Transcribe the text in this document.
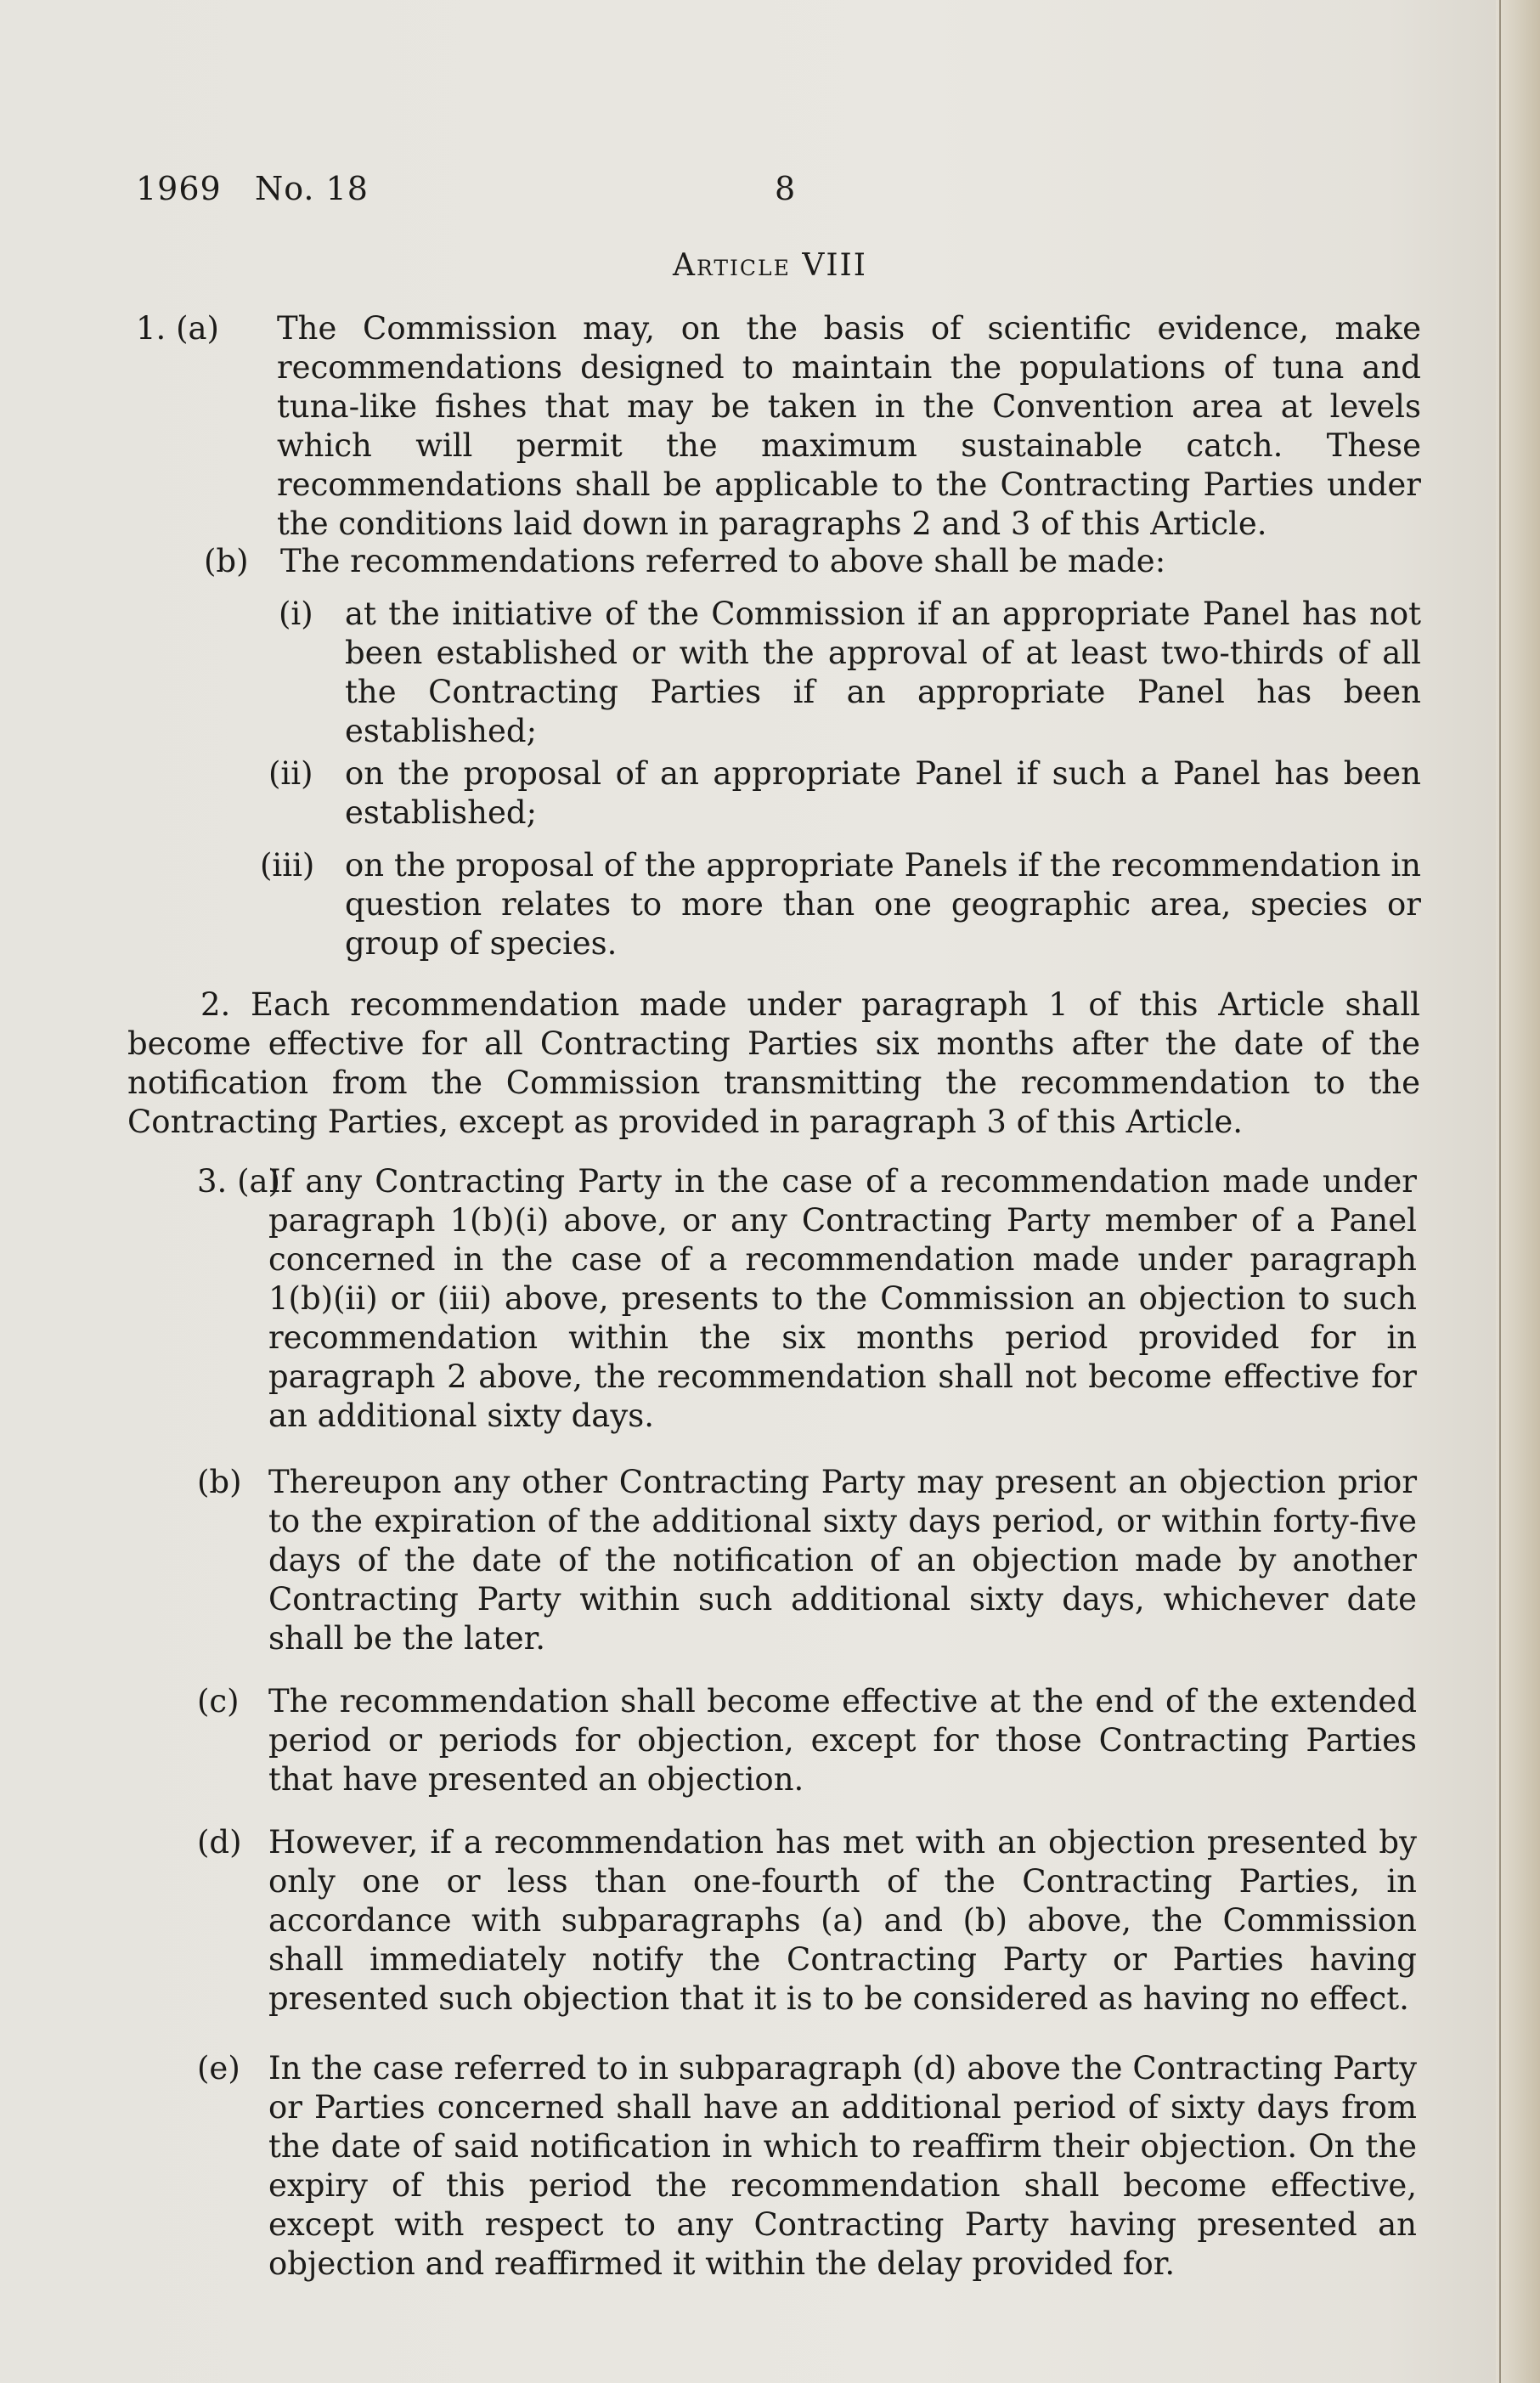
1969   No. 18	8
Article VIII
1. (a) The Commission may, on the basis of scientific evidence, make recommendations designed to maintain the populations of tuna and tuna-like fishes that may be taken in the Convention area at levels which will permit the maximum sustainable catch. These recommendations shall be applicable to the Contracting Parties under the conditions laid down in paragraphs 2 and 3 of this Article.
(b) The recommendations referred to above shall be made:
(i) at the initiative of the Commission if an appropriate Panel has not been established or with the approval of at least two-thirds of all the Contracting Parties if an appropriate Panel has been established;
(ii) on the proposal of an appropriate Panel if such a Panel has been established;
(iii) on the proposal of the appropriate Panels if the recommendation in question relates to more than one geographic area, species or group of species.
2. Each recommendation made under paragraph 1 of this Article shall become effective for all Contracting Parties six months after the date of the notification from the Commission transmitting the recommendation to the Contracting Parties, except as provided in paragraph 3 of this Article.
3. (a)
If any Contracting Party in the case of a recommendation made under paragraph 1(b)(i) above, or any Contracting Party member of a Panel concerned in the case of a recommendation made under paragraph 1(b)(ii) or (iii) above, presents to the Commission an objection to such recommendation within the six months period provided for in paragraph 2 above, the recommendation shall not become effective for an additional sixty days.
(b) Thereupon any other Contracting Party may present an objection prior to the expiration of the additional sixty days period, or within forty-five days of the date of the notification of an objection made by another Contracting Party within such additional sixty days, whichever date shall be the later.
(c) The recommendation shall become effective at the end of the extended period or periods for objection, except for those Contracting Parties that have presented an objection.
(d) However, if a recommendation has met with an objection presented by only one or less than one-fourth of the Contracting Parties, in accordance with subparagraphs (a) and (b) above, the Commission shall immediately notify the Contracting Party or Parties having presented such objection that it is to be considered as having no effect.
(e) In the case referred to in subparagraph (d) above the Contracting Party or Parties concerned shall have an additional period of sixty days from the date of said notification in which to reaffirm their objection. On the expiry of this period the recommendation shall become effective, except with respect to any Contracting Party having presented an objection and reaffirmed it within the delay provided for.
